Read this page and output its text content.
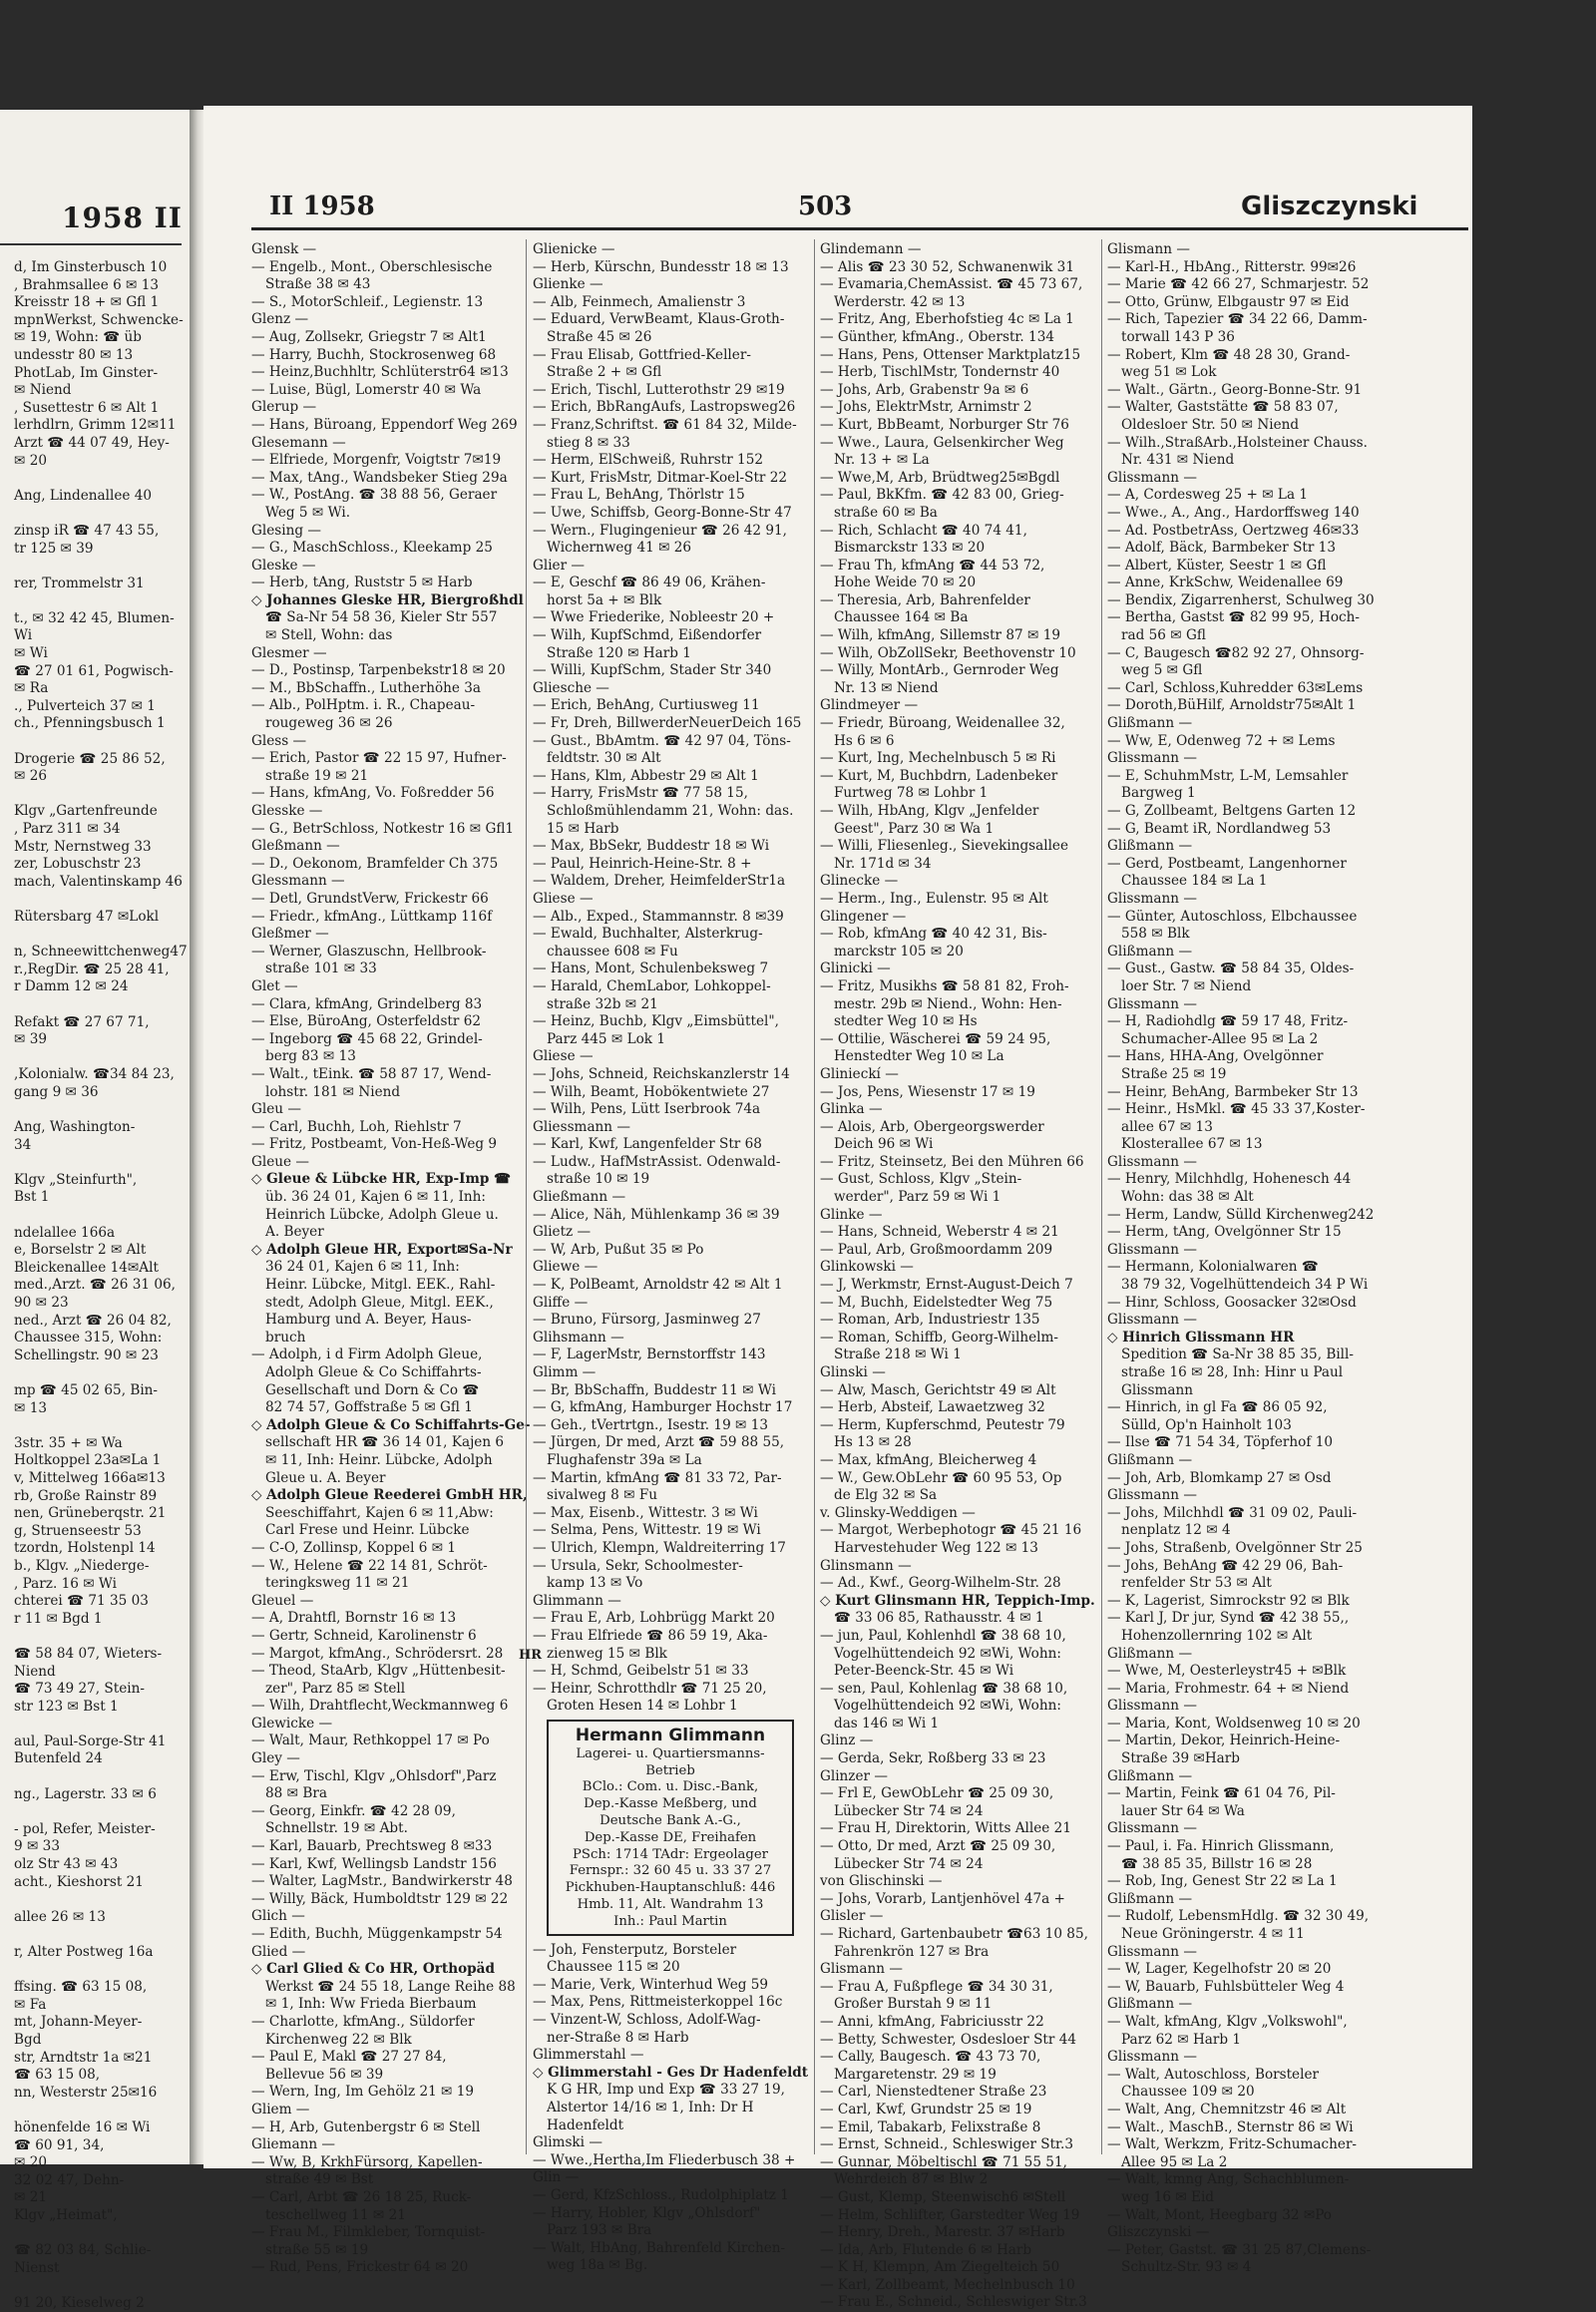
1958 II
d, Im Ginsterbusch 10
, Brahmsallee 6 ✉ 13
Kreisstr 18 + ✉ Gfl 1
mpnWerkst, Schwencke-
✉ 19, Wohn: ☎ üb
undesstr 80 ✉ 13
PhotLab, Im Ginster-
✉ Niend
, Susettestr 6 ✉ Alt 1
lerhdlrn, Grimm 12✉11
Arzt ☎ 44 07 49, Hey-
✉ 20
Ang, Lindenallee 40
zinsp iR ☎ 47 43 55,
tr 125 ✉ 39
rer, Trommelstr 31
t., ✉ 32 42 45, Blumen-
Wi
✉ Wi
☎ 27 01 61, Pogwisch-
✉ Ra
., Pulverteich 37 ✉ 1
ch., Pfenningsbusch 1
Drogerie ☎ 25 86 52,
✉ 26
Klgv „Gartenfreunde
, Parz 311 ✉ 34
Mstr, Nernstweg 33
zer, Lobuschstr 23
mach, Valentinskamp 46
Rütersbarg 47 ✉Lokl
n, Schneewittchenweg47
r.,RegDir. ☎ 25 28 41,
r Damm 12 ✉ 24
Refakt ☎ 27 67 71,
✉ 39
,Kolonialw. ☎34 84 23,
gang 9 ✉ 36
Ang, Washington-
34
Klgv „Steinfurth",
Bst 1
ndelallee 166a
e, Borselstr 2 ✉ Alt
Bleickenallee 14✉Alt
med.,Arzt. ☎ 26 31 06,
90 ✉ 23
ned., Arzt ☎ 26 04 82,
Chaussee 315, Wohn:
Schellingstr. 90 ✉ 23
mp ☎ 45 02 65, Bin-
✉ 13
3str. 35 + ✉ Wa
Holtkoppel 23a✉La 1
v, Mittelweg 166a✉13
rb, Große Rainstr 89
nen, Grüneberqstr. 21
g, Struenseestr 53
tzordn, Holstenpl 14
b., Klgv. „Niederge-
, Parz. 16 ✉ Wi
chterei ☎ 71 35 03
r 11 ✉ Bgd 1
☎ 58 84 07, Wieters-
Niend
☎ 73 49 27, Stein-
str 123 ✉ Bst 1
aul, Paul-Sorge-Str 41
Butenfeld 24
ng., Lagerstr. 33 ✉ 6
- pol, Refer, Meister-
9 ✉ 33
olz Str 43 ✉ 43
acht., Kieshorst 21
allee 26 ✉ 13
r, Alter Postweg 16a
ffsing. ☎ 63 15 08,
✉ Fa
mt, Johann-Meyer-
Bgd
str, Arndtstr 1a ✉21
☎ 63 15 08,
nn, Westerstr 25✉16
hönenfelde 16 ✉ Wi
☎ 60 91, 34,
✉ 20
32 02 47, Dehn-
✉ 21
Klgv „Heimat",
☎ 82 03 84, Schlie-
Nienst
91 20, Kieselweg 2
II 1958	503	Gliszczynski
Glensk —
— Engelb., Mont., Oberschlesische
Straße 38 ✉ 43
— S., MotorSchleif., Legienstr. 13
Glenz —
— Aug, Zollsekr, Griegstr 7 ✉ Alt1
— Harry, Buchh, Stockrosenweg 68
— Heinz,Buchhltr, Schlüterstr64 ✉13
— Luise, Bügl, Lomerstr 40 ✉ Wa
Glerup —
— Hans, Büroang, Eppendorf Weg 269
Glesemann —
— Elfriede, Morgenfr, Voigtstr 7✉19
— Max, tAng., Wandsbeker Stieg 29a
— W., PostAng. ☎ 38 88 56, Geraer
Weg 5 ✉ Wi.
Glesing —
— G., MaschSchloss., Kleekamp 25
Gleske —
— Herb, tAng, Ruststr 5 ✉ Harb
◇ Johannes Gleske HR, Biergroßhdl
☎ Sa-Nr 54 58 36, Kieler Str 557
✉ Stell, Wohn: das
Glesmer —
— D., Postinsp, Tarpenbekstr18 ✉ 20
— M., BbSchaffn., Lutherhöhe 3a
— Alb., PolHptm. i. R., Chapeau-
rougeweg 36 ✉ 26
Gless —
— Erich, Pastor ☎ 22 15 97, Hufner-
straße 19 ✉ 21
— Hans, kfmAng, Vo. Foßredder 56
Glesske —
— G., BetrSchloss, Notkestr 16 ✉ Gfl1
Gleßmann —
— D., Oekonom, Bramfelder Ch 375
Glessmann —
— Detl, GrundstVerw, Frickestr 66
— Friedr., kfmAng., Lüttkamp 116f
Gleßmer —
— Werner, Glaszuschn, Hellbrook-
straße 101 ✉ 33
Glet —
— Clara, kfmAng, Grindelberg 83
— Else, BüroAng, Osterfeldstr 62
— Ingeborg ☎ 45 68 22, Grindel-
berg 83 ✉ 13
— Walt., tEink. ☎ 58 87 17, Wend-
lohstr. 181 ✉ Niend
Gleu —
— Carl, Buchh, Loh, Riehlstr 7
— Fritz, Postbeamt, Von-Heß-Weg 9
Gleue —
◇ Gleue & Lübcke HR, Exp-Imp ☎
üb. 36 24 01, Kajen 6 ✉ 11, Inh:
Heinrich Lübcke, Adolph Gleue u.
A. Beyer
◇ Adolph Gleue HR, Export✉Sa-Nr
36 24 01, Kajen 6 ✉ 11, Inh:
Heinr. Lübcke, Mitgl. EEK., Rahl-
stedt, Adolph Gleue, Mitgl. EEK.,
Hamburg und A. Beyer, Haus-
bruch
— Adolph, i d Firm Adolph Gleue,
Adolph Gleue & Co Schiffahrts-
Gesellschaft und Dorn & Co ☎
82 74 57, Goffstraße 5 ✉ Gfl 1
◇ Adolph Gleue & Co Schiffahrts-Ge-
sellschaft HR ☎ 36 14 01, Kajen 6
✉ 11, Inh: Heinr. Lübcke, Adolph
Gleue u. A. Beyer
◇ Adolph Gleue Reederei GmbH HR,
Seeschiffahrt, Kajen 6 ✉ 11,Abw:
Carl Frese und Heinr. Lübcke
— C-O, Zollinsp, Koppel 6 ✉ 1
— W., Helene ☎ 22 14 81, Schröt-
teringksweg 11 ✉ 21
Gleuel —
— A, Drahtfl, Bornstr 16 ✉ 13
— Gertr, Schneid, Karolinenstr 6
— Margot, kfmAng., Schrödersrt. 28
— Theod, StaArb, Klgv „Hüttenbesit-
zer", Parz 85 ✉ Stell
— Wilh, Drahtflecht,Weckmannweg 6
Glewicke —
— Walt, Maur, Rethkoppel 17 ✉ Po
Gley —
— Erw, Tischl, Klgv „Ohlsdorf",Parz
88 ✉ Bra
— Georg, Einkfr. ☎ 42 28 09,
Schnellstr. 19 ✉ Abt.
— Karl, Bauarb, Prechtsweg 8 ✉33
— Karl, Kwf, Wellingsb Landstr 156
— Walter, LagMstr., Bandwirkerstr 48
— Willy, Bäck, Humboldtstr 129 ✉ 22
Glich —
— Edith, Buchh, Müggenkampstr 54
Glied —
◇ Carl Glied & Co HR, Orthopäd
Werkst ☎ 24 55 18, Lange Reihe 88
✉ 1, Inh: Ww Frieda Bierbaum
— Charlotte, kfmAng., Süldorfer
Kirchenweg 22 ✉ Blk
— Paul E, Makl ☎ 27 27 84,
Bellevue 56 ✉ 39
— Wern, Ing, Im Gehölz 21 ✉ 19
Gliem —
— H, Arb, Gutenbergstr 6 ✉ Stell
Gliemann —
— Ww, B, KrkhFürsorg, Kapellen-
straße 49 ✉ Bst
— Carl, Arbt ☎ 26 18 25, Ruck-
teschellweg 11 ✉ 21
— Frau M., Filmkleber, Tornquist-
straße 55 ✉ 19
— Rud, Pens, Frickestr 64 ✉ 20
Glienicke —
— Herb, Kürschn, Bundesstr 18 ✉ 13
Glienke —
— Alb, Feinmech, Amalienstr 3
— Eduard, VerwBeamt, Klaus-Groth-
Straße 45 ✉ 26
— Frau Elisab, Gottfried-Keller-
Straße 2 + ✉ Gfl
— Erich, Tischl, Lutterothstr 29 ✉19
— Erich, BbRangAufs, Lastropsweg26
— Franz,Schriftst. ☎ 61 84 32, Milde-
stieg 8 ✉ 33
— Herm, ElSchweiß, Ruhrstr 152
— Kurt, FrisMstr, Ditmar-Koel-Str 22
— Frau L, BehAng, Thörlstr 15
— Uwe, Schiffsb, Georg-Bonne-Str 47
— Wern., Flugingenieur ☎ 26 42 91,
Wichernweg 41 ✉ 26
Glier —
— E, Geschf ☎ 86 49 06, Krähen-
horst 5a + ✉ Blk
— Wwe Friederike, Nobleestr 20 +
— Wilh, KupfSchmd, Eißendorfer
Straße 120 ✉ Harb 1
— Willi, KupfSchm, Stader Str 340
Gliesche —
— Erich, BehAng, Curtiusweg 11
— Fr, Dreh, BillwerderNeuerDeich 165
— Gust., BbAmtm. ☎ 42 97 04, Töns-
feldtstr. 30 ✉ Alt
— Hans, Klm, Abbestr 29 ✉ Alt 1
— Harry, FrisMstr ☎ 77 58 15,
Schloßmühlendamm 21, Wohn: das.
15 ✉ Harb
— Max, BbSekr, Buddestr 18 ✉ Wi
— Paul, Heinrich-Heine-Str. 8 +
— Waldem, Dreher, HeimfelderStr1a
Gliese —
— Alb., Exped., Stammannstr. 8 ✉39
— Ewald, Buchhalter, Alsterkrug-
chaussee 608 ✉ Fu
— Hans, Mont, Schulenbeksweg 7
— Harald, ChemLabor, Lohkoppel-
straße 32b ✉ 21
— Heinz, Buchb, Klgv „Eimsbüttel",
Parz 445 ✉ Lok 1
Gliese —
— Johs, Schneid, Reichskanzlerstr 14
— Wilh, Beamt, Hobökentwiete 27
— Wilh, Pens, Lütt Iserbrook 74a
Gliessmann —
— Karl, Kwf, Langenfelder Str 68
— Ludw., HafMstrAssist. Odenwald-
straße 10 ✉ 19
Gließmann —
— Alice, Näh, Mühlenkamp 36 ✉ 39
Glietz —
— W, Arb, Pußut 35 ✉ Po
Gliewe —
— K, PolBeamt, Arnoldstr 42 ✉ Alt 1
Gliffe —
— Bruno, Fürsorg, Jasminweg 27
Glihsmann —
— F, LagerMstr, Bernstorffstr 143
Glimm —
— Br, BbSchaffn, Buddestr 11 ✉ Wi
— G, kfmAng, Hamburger Hochstr 17
— Geh., tVertrtgn., Isestr. 19 ✉ 13
— Jürgen, Dr med, Arzt ☎ 59 88 55,
Flughafenstr 39a ✉ La
— Martin, kfmAng ☎ 81 33 72, Par-
sivalweg 8 ✉ Fu
— Max, Eisenb., Wittestr. 3 ✉ Wi
— Selma, Pens, Wittestr. 19 ✉ Wi
— Ulrich, Klempn, Waldreiterring 17
— Ursula, Sekr, Schoolmester-
kamp 13 ✉ Vo
Glimmann —
— Frau E, Arb, Lohbrügg Markt 20
— Frau Elfriede ☎ 86 59 19, Aka-
zienweg 15 ✉ Blk
— H, Schmd, Geibelstr 51 ✉ 33
— Heinr, Schrotthdlr ☎ 71 25 20,
Groten Hesen 14 ✉ Lohbr 1
Hermann Glimmann
Lagerei- u. Quartiersmanns-
Betrieb
BClo.: Com. u. Disc.-Bank,
Dep.-Kasse Meßberg, und
Deutsche Bank A.-G.,
Dep.-Kasse DE, Freihafen
PSch: 1714 TAdr: Ergeolager
Fernspr.: 32 60 45 u. 33 37 27
Pickhuben-Hauptanschluß: 446
Hmb. 11, Alt. Wandrahm 13
Inh.: Paul Martin
— Joh, Fensterputz, Borsteler
Chaussee 115 ✉ 20
— Marie, Verk, Winterhud Weg 59
— Max, Pens, Rittmeisterkoppel 16c
— Vinzent-W, Schloss, Adolf-Wag-
ner-Straße 8 ✉ Harb
Glimmerstahl —
◇ Glimmerstahl - Ges Dr Hadenfeldt
K G HR, Imp und Exp ☎ 33 27 19,
Alstertor 14/16 ✉ 1, Inh: Dr H
Hadenfeldt
Glimski —
— Wwe.,Hertha,Im Fliederbusch 38 +
Glin —
— Gerd, KfzSchloss., Rudolphiplatz 1
— Harry, Hobler, Klgv „Ohlsdorf"
Parz 193 ✉ Bra
— Walt, HbAng, Bahrenfeld Kirchen-
weg 18a ✉ Bg.
HR
Glindemann —
— Alis ☎ 23 30 52, Schwanenwik 31
— Evamaria,ChemAssist. ☎ 45 73 67,
Werderstr. 42 ✉ 13
— Fritz, Ang, Eberhofstieg 4c ✉ La 1
— Günther, kfmAng., Oberstr. 134
— Hans, Pens, Ottenser Marktplatz15
— Herb, TischlMstr, Tondernstr 40
— Johs, Arb, Grabenstr 9a ✉ 6
— Johs, ElektrMstr, Arnimstr 2
— Kurt, BbBeamt, Norburger Str 76
— Wwe., Laura, Gelsenkircher Weg
Nr. 13 + ✉ La
— Wwe,M, Arb, Brüdtweg25✉Bgdl
— Paul, BkKfm. ☎ 42 83 00, Grieg-
straße 60 ✉ Ba
— Rich, Schlacht ☎ 40 74 41,
Bismarckstr 133 ✉ 20
— Frau Th, kfmAng ☎ 44 53 72,
Hohe Weide 70 ✉ 20
— Theresia, Arb, Bahrenfelder
Chaussee 164 ✉ Ba
— Wilh, kfmAng, Sillemstr 87 ✉ 19
— Wilh, ObZollSekr, Beethovenstr 10
— Willy, MontArb., Gernroder Weg
Nr. 13 ✉ Niend
Glindmeyer —
— Friedr, Büroang, Weidenallee 32,
Hs 6 ✉ 6
— Kurt, Ing, Mechelnbusch 5 ✉ Ri
— Kurt, M, Buchbdrn, Ladenbeker
Furtweg 78 ✉ Lohbr 1
— Wilh, HbAng, Klgv „Jenfelder
Geest", Parz 30 ✉ Wa 1
— Willi, Fliesenleg., Sievekingsallee
Nr. 171d ✉ 34
Glinecke —
— Herm., Ing., Eulenstr. 95 ✉ Alt
Glingener —
— Rob, kfmAng ☎ 40 42 31, Bis-
marckstr 105 ✉ 20
Glinicki —
— Fritz, Musikhs ☎ 58 81 82, Froh-
mestr. 29b ✉ Niend., Wohn: Hen-
stedter Weg 10 ✉ Hs
— Ottilie, Wäscherei ☎ 59 24 95,
Henstedter Weg 10 ✉ La
Glinieckí —
— Jos, Pens, Wiesenstr 17 ✉ 19
Glinka —
— Alois, Arb, Obergeorgswerder
Deich 96 ✉ Wi
— Fritz, Steinsetz, Bei den Mühren 66
— Gust, Schloss, Klgv „Stein-
werder", Parz 59 ✉ Wi 1
Glinke —
— Hans, Schneid, Weberstr 4 ✉ 21
— Paul, Arb, Großmoordamm 209
Glinkowski —
— J, Werkmstr, Ernst-August-Deich 7
— M, Buchh, Eidelstedter Weg 75
— Roman, Arb, Industriestr 135
— Roman, Schiffb, Georg-Wilhelm-
Straße 218 ✉ Wi 1
Glinski —
— Alw, Masch, Gerichtstr 49 ✉ Alt
— Herb, Absteif, Lawaetzweg 32
— Herm, Kupferschmd, Peutestr 79
Hs 13 ✉ 28
— Max, kfmAng, Bleicherweg 4
— W., Gew.ObLehr ☎ 60 95 53, Op
de Elg 32 ✉ Sa
v. Glinsky-Weddigen —
— Margot, Werbephotogr ☎ 45 21 16
Harvestehuder Weg 122 ✉ 13
Glinsmann —
— Ad., Kwf., Georg-Wilhelm-Str. 28
◇ Kurt Glinsmann HR, Teppich-Imp.
☎ 33 06 85, Rathausstr. 4 ✉ 1
— jun, Paul, Kohlenhdl ☎ 38 68 10,
Vogelhüttendeich 92 ✉Wi, Wohn:
Peter-Beenck-Str. 45 ✉ Wi
— sen, Paul, Kohlenlag ☎ 38 68 10,
Vogelhüttendeich 92 ✉Wi, Wohn:
das 146 ✉ Wi 1
Glinz —
— Gerda, Sekr, Roßberg 33 ✉ 23
Glinzer —
— Frl E, GewObLehr ☎ 25 09 30,
Lübecker Str 74 ✉ 24
— Frau H, Direktorin, Witts Allee 21
— Otto, Dr med, Arzt ☎ 25 09 30,
Lübecker Str 74 ✉ 24
von Glischinski —
— Johs, Vorarb, Lantjenhövel 47a +
Glisler —
— Richard, Gartenbaubetr ☎63 10 85,
Fahrenkrön 127 ✉ Bra
Glismann —
— Frau A, Fußpflege ☎ 34 30 31,
Großer Burstah 9 ✉ 11
— Anni, kfmAng, Fabriciusstr 22
— Betty, Schwester, Osdesloer Str 44
— Cally, Baugesch. ☎ 43 73 70,
Margaretenstr. 29 ✉ 19
— Carl, Nienstedtener Straße 23
— Carl, Kwf, Grundstr 25 ✉ 19
— Emil, Tabakarb, Felixstraße 8
— Ernst, Schneid., Schleswiger Str.3
— Gunnar, Möbeltischl ☎ 71 55 51,
Wehrdeich 87 ✉ Blw 2
— Gust, Klemp, Steenwisch6 ✉Stell
— Helm, Schlifter, Garstedter Weg 19
— Henry, Dreh., Marestr. 37 ✉Harb
— Ida, Arb, Flutende 6 ✉ Harb
— K H, Klempn, Am Ziegelteich 50
— Karl, Zollbeamt, Mechelnbusch 10
— Frau E., Schneid., Schleswiger Str.3
Glismann —
— Karl-H., HbAng., Ritterstr. 99✉26
— Marie ☎ 42 66 27, Schmarjestr. 52
— Otto, Grünw, Elbgaustr 97 ✉ Eid
— Rich, Tapezier ☎ 34 22 66, Damm-
torwall 143 P 36
— Robert, Klm ☎ 48 28 30, Grand-
weg 51 ✉ Lok
— Walt., Gärtn., Georg-Bonne-Str. 91
— Walter, Gaststätte ☎ 58 83 07,
Oldesloer Str. 50 ✉ Niend
— Wilh.,StraßArb.,Holsteiner Chauss.
Nr. 431 ✉ Niend
Glissmann —
— A, Cordesweg 25 + ✉ La 1
— Wwe., A., Ang., Hardorffsweg 140
— Ad. PostbetrAss, Oertzweg 46✉33
— Adolf, Bäck, Barmbeker Str 13
— Albert, Küster, Seestr 1 ✉ Gfl
— Anne, KrkSchw, Weidenallee 69
— Bendix, Zigarrenherst, Schulweg 30
— Bertha, Gastst ☎ 82 99 95, Hoch-
rad 56 ✉ Gfl
— C, Baugesch ☎82 92 27, Ohnsorg-
weg 5 ✉ Gfl
— Carl, Schloss,Kuhredder 63✉Lems
— Doroth,BüHilf, Arnoldstr75✉Alt 1
Glißmann —
— Ww, E, Odenweg 72 + ✉ Lems
Glissmann —
— E, SchuhmMstr, L-M, Lemsahler
Bargweg 1
— G, Zollbeamt, Beltgens Garten 12
— G, Beamt iR, Nordlandweg 53
Glißmann —
— Gerd, Postbeamt, Langenhorner
Chaussee 184 ✉ La 1
Glissmann —
— Günter, Autoschloss, Elbchaussee
558 ✉ Blk
Glißmann —
— Gust., Gastw. ☎ 58 84 35, Oldes-
loer Str. 7 ✉ Niend
Glissmann —
— H, Radiohdlg ☎ 59 17 48, Fritz-
Schumacher-Allee 95 ✉ La 2
— Hans, HHA-Ang, Ovelgönner
Straße 25 ✉ 19
— Heinr, BehAng, Barmbeker Str 13
— Heinr., HsMkl. ☎ 45 33 37,Koster-
allee 67 ✉ 13
Klosterallee 67 ✉ 13
Glissmann —
— Henry, Milchhdlg, Hohenesch 44
Wohn: das 38 ✉ Alt
— Herm, Landw, Sülld Kirchenweg242
— Herm, tAng, Ovelgönner Str 15
Glissmann —
— Hermann, Kolonialwaren ☎
38 79 32, Vogelhüttendeich 34 P Wi
— Hinr, Schloss, Goosacker 32✉Osd
Glissmann —
◇ Hinrich Glissmann HR
Spedition ☎ Sa-Nr 38 85 35, Bill-
straße 16 ✉ 28, Inh: Hinr u Paul
Glissmann
— Hinrich, in gl Fa ☎ 86 05 92,
Sülld, Op'n Hainholt 103
— Ilse ☎ 71 54 34, Töpferhof 10
Glißmann —
— Joh, Arb, Blomkamp 27 ✉ Osd
Glissmann —
— Johs, Milchhdl ☎ 31 09 02, Pauli-
nenplatz 12 ✉ 4
— Johs, Straßenb, Ovelgönner Str 25
— Johs, BehAng ☎ 42 29 06, Bah-
renfelder Str 53 ✉ Alt
— K, Lagerist, Simrockstr 92 ✉ Blk
— Karl J, Dr jur, Synd ☎ 42 38 55,,
Hohenzollernring 102 ✉ Alt
Glißmann —
— Wwe, M, Oesterleystr45 + ✉Blk
— Maria, Frohmestr. 64 + ✉ Niend
Glissmann —
— Maria, Kont, Woldsenweg 10 ✉ 20
— Martin, Dekor, Heinrich-Heine-
Straße 39 ✉Harb
Glißmann —
— Martin, Feink ☎ 61 04 76, Pil-
lauer Str 64 ✉ Wa
Glissmann —
— Paul, i. Fa. Hinrich Glissmann,
☎ 38 85 35, Billstr 16 ✉ 28
— Rob, Ing, Genest Str 22 ✉ La 1
Glißmann —
— Rudolf, LebensmHdlg. ☎ 32 30 49,
Neue Gröningerstr. 4 ✉ 11
Glissmann —
— W, Lager, Kegelhofstr 20 ✉ 20
— W, Bauarb, Fuhlsbütteler Weg 4
Glißmann —
— Walt, kfmAng, Klgv „Volkswohl",
Parz 62 ✉ Harb 1
Glissmann —
— Walt, Autoschloss, Borsteler
Chaussee 109 ✉ 20
— Walt, Ang, Chemnitzstr 46 ✉ Alt
— Walt., MaschB., Sternstr 86 ✉ Wi
— Walt, Werkzm, Fritz-Schumacher-
Allee 95 ✉ La 2
— Walt, kmng Ang, Schachblumen-
weg 16 ✉ Eid
— Walt, Mont, Heegbarg 32 ✉Po
Gliszczynski —
— Peter, Gastst. ☎ 31 25 87,Clemens-
Schultz-Str. 93 ✉ 4
